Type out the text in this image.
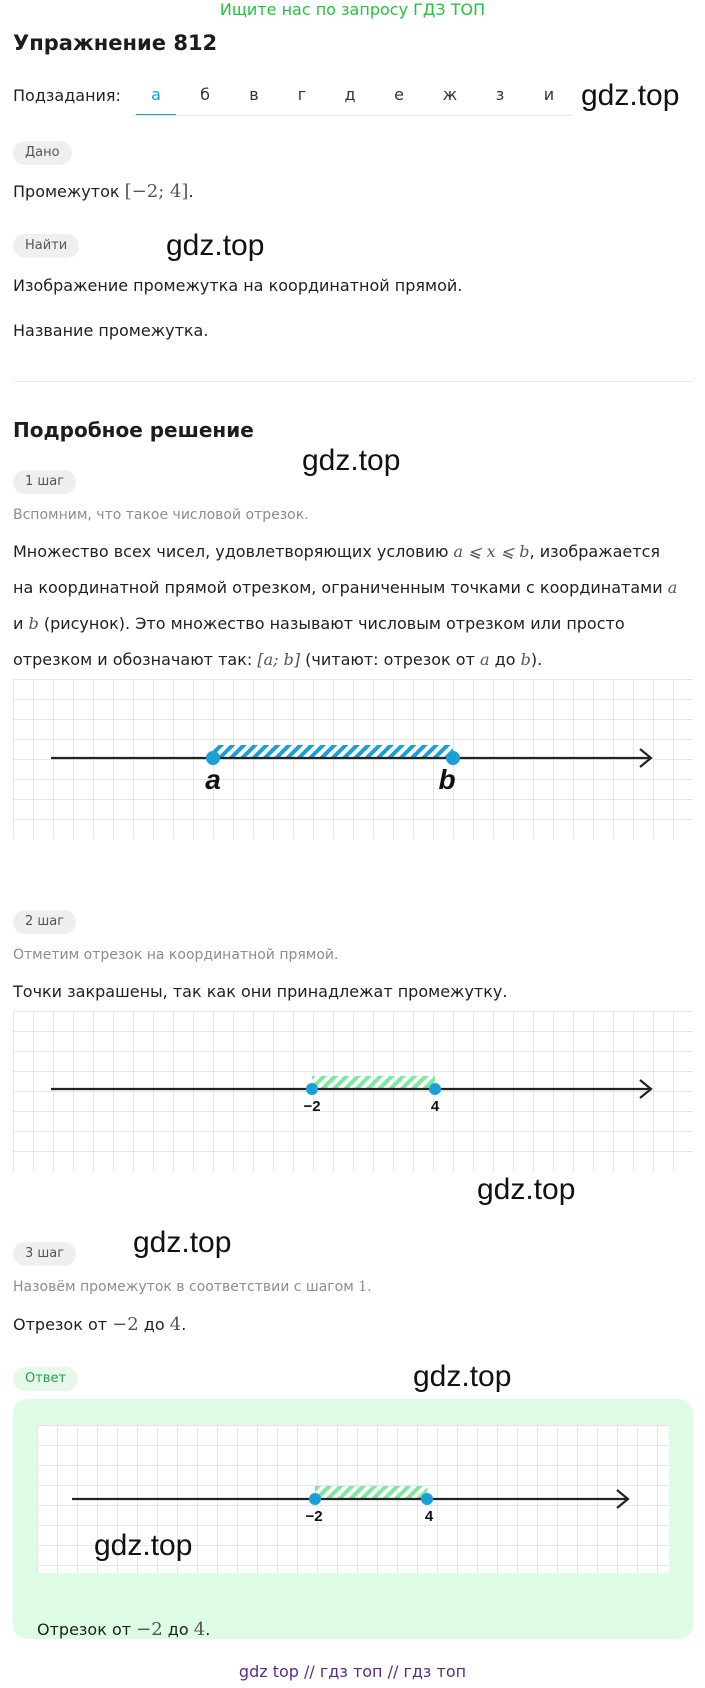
Ищите нас по запросу ГДЗ ТОП
Упражнение 812
Подзадания:	а	б	в	г	д	е	ж	з	и gdz.top
gdz.top
gdz.top
gdz.top
gdz.top
gdz.top
gdz.top
Дано
Промежуток [−2; 4].
Найти
Изображение промежутка на координатной прямой.
Название промежутка.
Подробное решение
1 шаг
Вспомним, что такое числовой отрезок.
Множество всех чисел, удовлетворяющих условию a ⩽ x ⩽ b, изображается
на координатной прямой отрезком, ограниченным точками с координатами a
и b (рисунок). Это множество называют числовым отрезком или просто
отрезком и обозначают так: [a; b] (читают: отрезок от a до b).
a	b
2 шаг
Отметим отрезок на координатной прямой.
Точки закрашены, так как они принадлежат промежутку.
−2	4
3 шаг
Назовём промежуток в соответствии с шагом 1.
Отрезок от −2 до 4.
Ответ
−2	4
Отрезок от −2 до 4.
gdz top // гдз топ // гдз топ
